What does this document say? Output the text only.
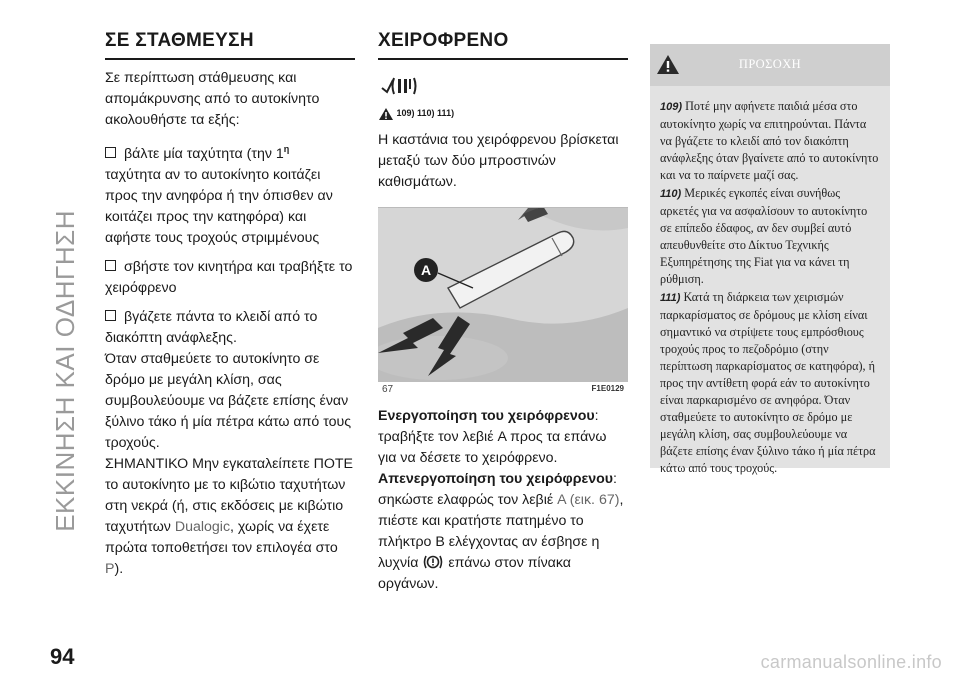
ΕΚΚΙΝΗΣΗ ΚΑΙ ΟΔΗΓΗΣΗ
ΣΕ ΣΤΑΘΜΕΥΣΗ

Σε περίπτωση στάθμευσης και απομάκρυνσης από το αυτοκίνητο ακολουθήστε τα εξής:

βάλτε μία ταχύτητα (την $1^\eta$
ταχύτητα αν το αυτοκίνητο κοιτάζει προς την ανηφόρα ή την όπισθεν αν κοιτάζει προς την κατηφόρα) και αφήστε τους τροχούς στριμμένους

σβήστε τον κινητήρα και τραβήξτε το χειρόφρενο

βγάζετε πάντα το κλειδί από το διακόπτη ανάφλεξης.

Όταν σταθμεύετε το αυτοκίνητο σε δρόμο με μεγάλη κλίση, σας συμβουλεύουμε να βάζετε επίσης έναν ξύλινο τάκο ή μία πέτρα κάτω από τους τροχούς.

ΣΗΜΑΝΤΙΚΟ Μην εγκαταλείπετε ΠΟΤΕ το αυτοκίνητο με το κιβώτιο ταχυτήτων στη νεκρά (ή, στις εκδόσεις με κιβώτιο ταχυτήτων Dualogic, χωρίς να έχετε πρώτα τοποθετήσει τον επιλογέα στο P).

ΧΕΙΡΟΦΡΕΝΟ
109) 110) 111)

Η καστάνια του χειρόφρενου βρίσκεται μεταξύ των δύο μπροστινών καθισμάτων.

A
67	F1E0129

Ενεργοποίηση του χειρόφρενου: τραβήξτε τον λεβιέ A προς τα επάνω για να δέσετε το χειρόφρενο.

Απενεργοποίηση του χειρόφρενου: σηκώστε ελαφρώς τον λεβιέ A (εικ. 67), πιέστε και κρατήστε πατημένο το πλήκτρο B ελέγχοντας αν έσβησε η λυχνία επάνω στον πίνακα οργάνων.

ΠΡΟΣΟΧΗ
109) Ποτέ μην αφήνετε παιδιά μέσα στο αυτοκίνητο χωρίς να επιτηρούνται. Πάντα να βγάζετε το κλειδί από τον διακόπτη ανάφλεξης όταν βγαίνετε από το αυτοκίνητο και να το παίρνετε μαζί σας.
110) Μερικές εγκοπές είναι συνήθως αρκετές για να ασφαλίσουν το αυτοκίνητο σε επίπεδο έδαφος, αν δεν συμβεί αυτό απευθυνθείτε στο Δίκτυο Τεχνικής Εξυπηρέτησης της Fiat για να κάνει τη ρύθμιση.
111) Κατά τη διάρκεια των χειρισμών παρκαρίσματος σε δρόμους με κλίση είναι σημαντικό να στρίψετε τους εμπρόσθιους τροχούς προς το πεζοδρόμιο (στην περίπτωση παρκαρίσματος σε κατηφόρα), ή προς την αντίθετη φορά εάν το αυτοκίνητο είναι παρκαρισμένο σε ανηφόρα. Όταν σταθμεύετε το αυτοκίνητο σε δρόμο με μεγάλη κλίση, σας συμβουλεύουμε να βάζετε επίσης έναν ξύλινο τάκο ή μία πέτρα κάτω από τους τροχούς.
94	carmanualsonline.info
